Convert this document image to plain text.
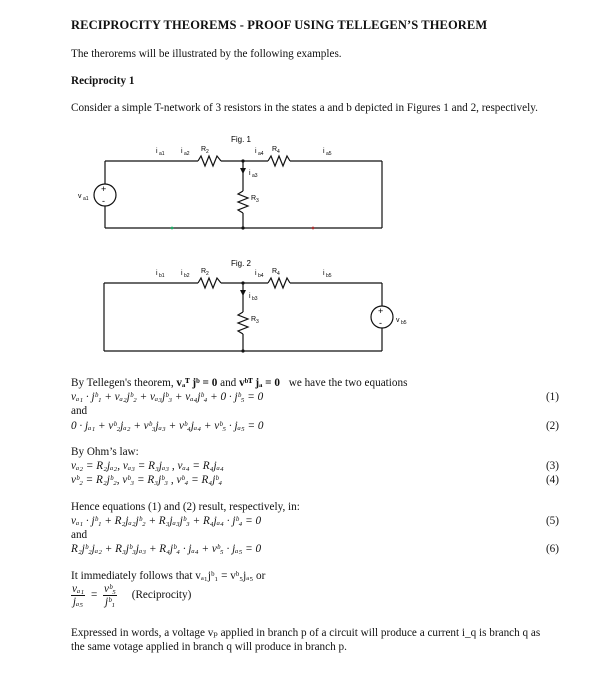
RECIPROCITY THEOREMS - PROOF USING TELLEGEN’S THEOREM
The therorems will be illustrated by the following examples.
Reciprocity 1
Consider a simple T-network of 3 resistors in the states a and b depicted in Figures 1 and 2, respectively.
Fig. 1
+
-
v a1
i a1 i a2
R 2	i a4
R 4	i a5
i a3
R 3
Fig. 2
+
- v b5
i b1 i b2
R 2	i b4
R 4	i b5
i b3
R 3
By Tellegen's theorem, vₐᵀ jᵇ = 0 and vᵇᵀ jₐ = 0 we have the two equations
vₐ₁ · jᵇ₁ + vₐ₂jᵇ₂ + vₐ₃jᵇ₃ + vₐ₄jᵇ₄ + 0 · jᵇ₅ = 0	(1)
and
0 · jₐ₁ + vᵇ₂jₐ₂ + vᵇ₃jₐ₃ + vᵇ₄jₐ₄ + vᵇ₅ · jₐ₅ = 0	(2)
By Ohm’s law:
vₐ₂ = R₂jₐ₂, vₐ₃ = R₃jₐ₃ , vₐ₄ = R₄jₐ₄	(3)
vᵇ₂ = R₂jᵇ₂, vᵇ₃ = R₃jᵇ₃ , vᵇ₄ = R₄jᵇ₄	(4)
Hence equations (1) and (2) result, respectively, in:
vₐ₁ · jᵇ₁ + R₂jₐ₂jᵇ₂ + R₃jₐ₃jᵇ₃ + R₄jₐ₄ · jᵇ₄ = 0	(5)
and
R₂jᵇ₂jₐ₂ + R₃jᵇ₃jₐ₃ + R₄jᵇ₄ · jₐ₄ + vᵇ₅ · jₐ₅ = 0	(6)
It immediately follows that vₐ₁jᵇ₁ = vᵇ₅jₐ₅ or
$\frac{\text{vₐ₁}}{\text{jₐ₅}} = \frac{\text{vᵇ₅}}{\text{jᵇ₁}}$ (Reciprocity)
Expressed in words, a voltage vₚ applied in branch p of a circuit will produce a current i_q is branch q as
the same votage applied in branch q will produce in branch p.
